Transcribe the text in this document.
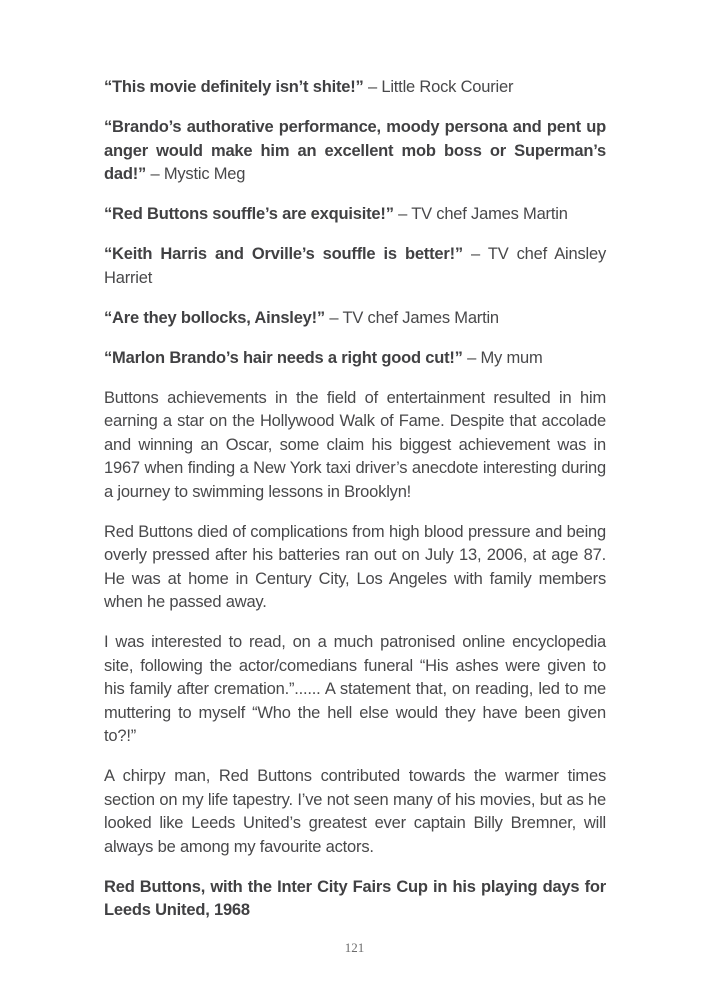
“This movie definitely isn’t shite!” – Little Rock Courier

“Brando’s authorative performance, moody persona and pent up anger would make him an excellent mob boss or Superman’s dad!” – Mystic Meg

“Red Buttons souffle’s are exquisite!” – TV chef James Martin

“Keith Harris and Orville’s souffle is better!” – TV chef Ainsley Harriet

“Are they bollocks, Ainsley!” – TV chef James Martin

“Marlon Brando’s hair needs a right good cut!” – My mum

Buttons achievements in the field of entertainment resulted in him earning a star on the Hollywood Walk of Fame. Despite that accolade and winning an Oscar, some claim his biggest achievement was in 1967 when finding a New York taxi driver’s anecdote interesting during a journey to swimming lessons in Brooklyn!

Red Buttons died of complications from high blood pressure and being overly pressed after his batteries ran out on July 13, 2006, at age 87. He was at home in Century City, Los Angeles with family members when he passed away.

I was interested to read, on a much patronised online encyclopedia site, following the actor/comedians funeral “His ashes were given to his family after cremation.”...... A statement that, on reading, led to me muttering to myself “Who the hell else would they have been given to?!”

A chirpy man, Red Buttons contributed towards the warmer times section on my life tapestry. I’ve not seen many of his movies, but as he looked like Leeds United’s greatest ever captain Billy Bremner, will always be among my favourite actors.

Red Buttons, with the Inter City Fairs Cup in his playing days for Leeds United, 1968

121
